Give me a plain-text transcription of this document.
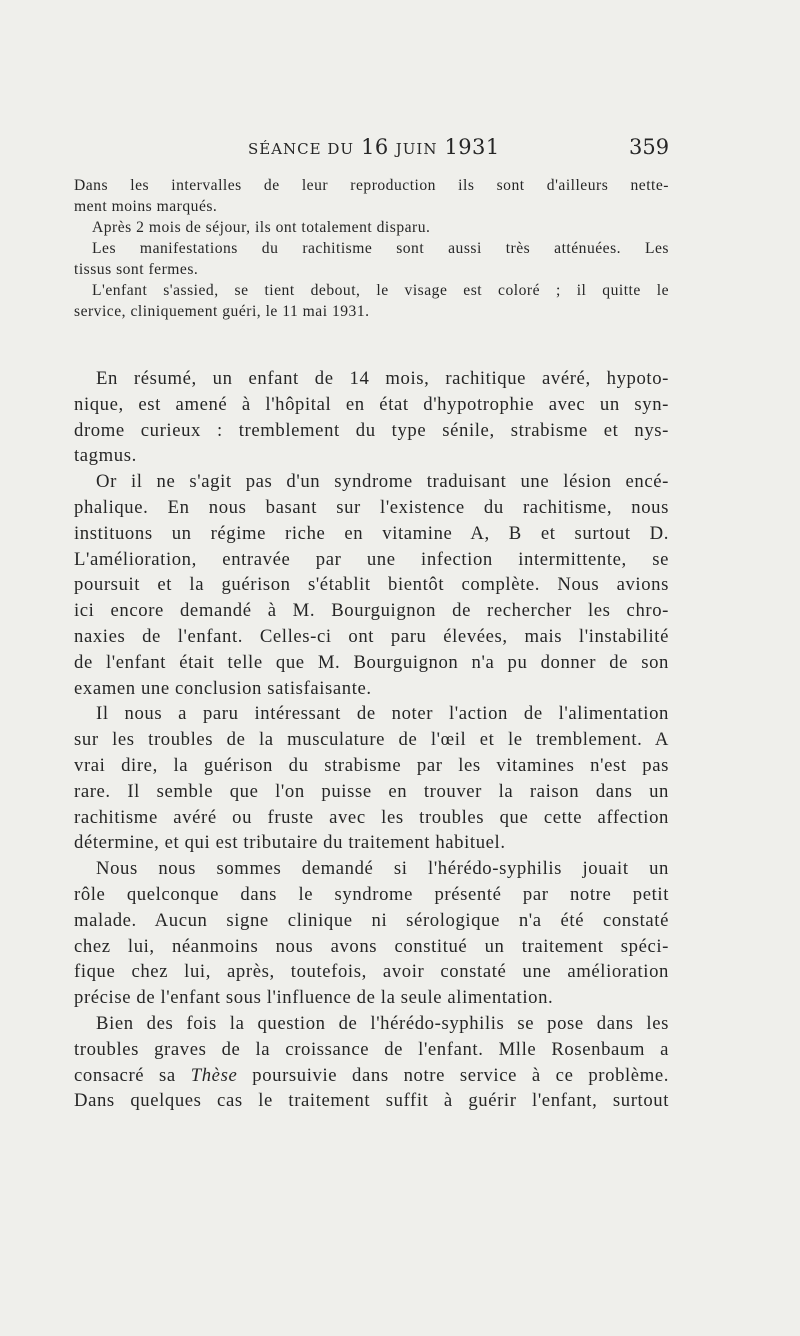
SÉANCE DU 16 JUIN 1931	359
Dans les intervalles de leur reproduction ils sont d'ailleurs nette-
ment moins marqués.
Après 2 mois de séjour, ils ont totalement disparu.
Les manifestations du rachitisme sont aussi très atténuées. Les
tissus sont fermes.
L'enfant s'assied, se tient debout, le visage est coloré ; il quitte le
service, cliniquement guéri, le 11 mai 1931.
En résumé, un enfant de 14 mois, rachitique avéré, hypoto-
nique, est amené à l'hôpital en état d'hypotrophie avec un syn-
drome curieux : tremblement du type sénile, strabisme et nys-
tagmus.
Or il ne s'agit pas d'un syndrome traduisant une lésion encé-
phalique. En nous basant sur l'existence du rachitisme, nous
instituons un régime riche en vitamine A, B et surtout D.
L'amélioration, entravée par une infection intermittente, se
poursuit et la guérison s'établit bientôt complète. Nous avions
ici encore demandé à M. Bourguignon de rechercher les chro-
naxies de l'enfant. Celles-ci ont paru élevées, mais l'instabilité
de l'enfant était telle que M. Bourguignon n'a pu donner de son
examen une conclusion satisfaisante.
Il nous a paru intéressant de noter l'action de l'alimentation
sur les troubles de la musculature de l'œil et le tremblement. A
vrai dire, la guérison du strabisme par les vitamines n'est pas
rare. Il semble que l'on puisse en trouver la raison dans un
rachitisme avéré ou fruste avec les troubles que cette affection
détermine, et qui est tributaire du traitement habituel.
Nous nous sommes demandé si l'hérédo-syphilis jouait un
rôle quelconque dans le syndrome présenté par notre petit
malade. Aucun signe clinique ni sérologique n'a été constaté
chez lui, néanmoins nous avons constitué un traitement spéci-
fique chez lui, après, toutefois, avoir constaté une amélioration
précise de l'enfant sous l'influence de la seule alimentation.
Bien des fois la question de l'hérédo-syphilis se pose dans les
troubles graves de la croissance de l'enfant. Mlle Rosenbaum a
consacré sa Thèse poursuivie dans notre service à ce problème.
Dans quelques cas le traitement suffit à guérir l'enfant, surtout
